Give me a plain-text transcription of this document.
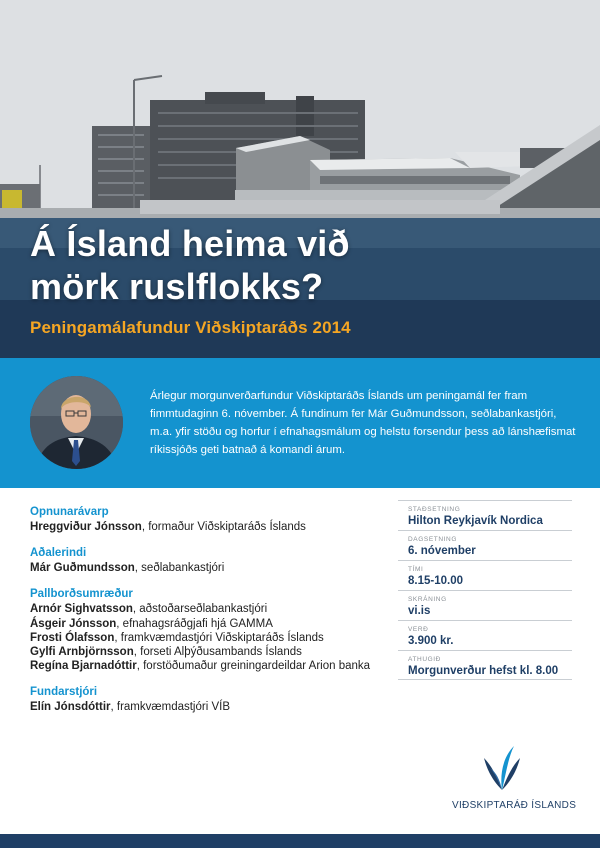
Á Ísland heima við
mörk ruslflokks?
Peningamálafundur Viðskiptaráðs 2014
Árlegur morgunverðarfundur Viðskiptaráðs Íslands um peningamál fer fram fimmtudaginn 6. nóvember. Á fundinum fer Már Guðmundsson, seðlabankastjóri, m.a. yfir stöðu og horfur í efnahagsmálum og helstu forsendur þess að lánshæfismat ríkissjóðs geti batnað á komandi árum.
Opnunarávarp
Hreggviður Jónsson, formaður Viðskiptaráðs Íslands
Aðalerindi
Már Guðmundsson, seðlabankastjóri
Pallborðsumræður
Arnór Sighvatsson, aðstoðarseðlabankastjóri
Ásgeir Jónsson, efnahagsráðgjafi hjá GAMMA
Frosti Ólafsson, framkvæmdastjóri Viðskiptaráðs Íslands
Gylfi Arnbjörnsson, forseti Alþýðusambands Íslands
Regína Bjarnadóttir, forstöðumaður greiningardeildar Arion banka
Fundarstjóri
Elín Jónsdóttir, framkvæmdastjóri VÍB
STAÐSETNING
Hilton Reykjavík Nordica
DAGSETNING
6. nóvember
TÍMI
8.15-10.00
SKRÁNING
vi.is
VERÐ
3.900 kr.
ATHUGIÐ
Morgunverður hefst kl. 8.00
VIÐSKIPTARÁÐ ÍSLANDS
